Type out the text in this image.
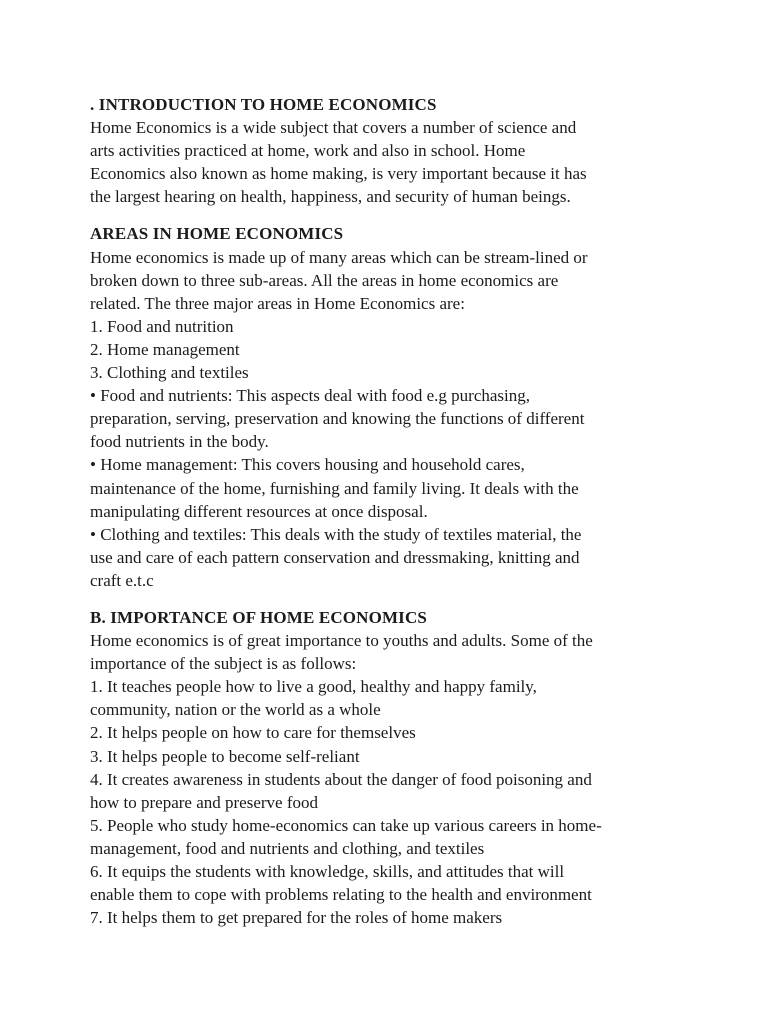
. INTRODUCTION TO HOME ECONOMICS
Home Economics is a wide subject that covers a number of science and
arts activities practiced at home, work and also in school. Home
Economics also known as home making, is very important because it has
the largest hearing on health, happiness, and security of human beings.
AREAS IN HOME ECONOMICS
Home economics is made up of many areas which can be stream-lined or
broken down to three sub-areas. All the areas in home economics are
related. The three major areas in Home Economics are:
1. Food and nutrition
2. Home management
3. Clothing and textiles
• Food and nutrients: This aspects deal with food e.g purchasing,
preparation, serving, preservation and knowing the functions of different
food nutrients in the body.
• Home management: This covers housing and household cares,
maintenance of the home, furnishing and family living. It deals with the
manipulating different resources at once disposal.
• Clothing and textiles: This deals with the study of textiles material, the
use and care of each pattern conservation and dressmaking, knitting and
craft e.t.c
B. IMPORTANCE OF HOME ECONOMICS
Home economics is of great importance to youths and adults. Some of the
importance of the subject is as follows:
1. It teaches people how to live a good, healthy and happy family,
community, nation or the world as a whole
2. It helps people on how to care for themselves
3. It helps people to become self-reliant
4. It creates awareness in students about the danger of food poisoning and
how to prepare and preserve food
5. People who study home-economics can take up various careers in home-
management, food and nutrients and clothing, and textiles
6. It equips the students with knowledge, skills, and attitudes that will
enable them to cope with problems relating to the health and environment
7. It helps them to get prepared for the roles of home makers
